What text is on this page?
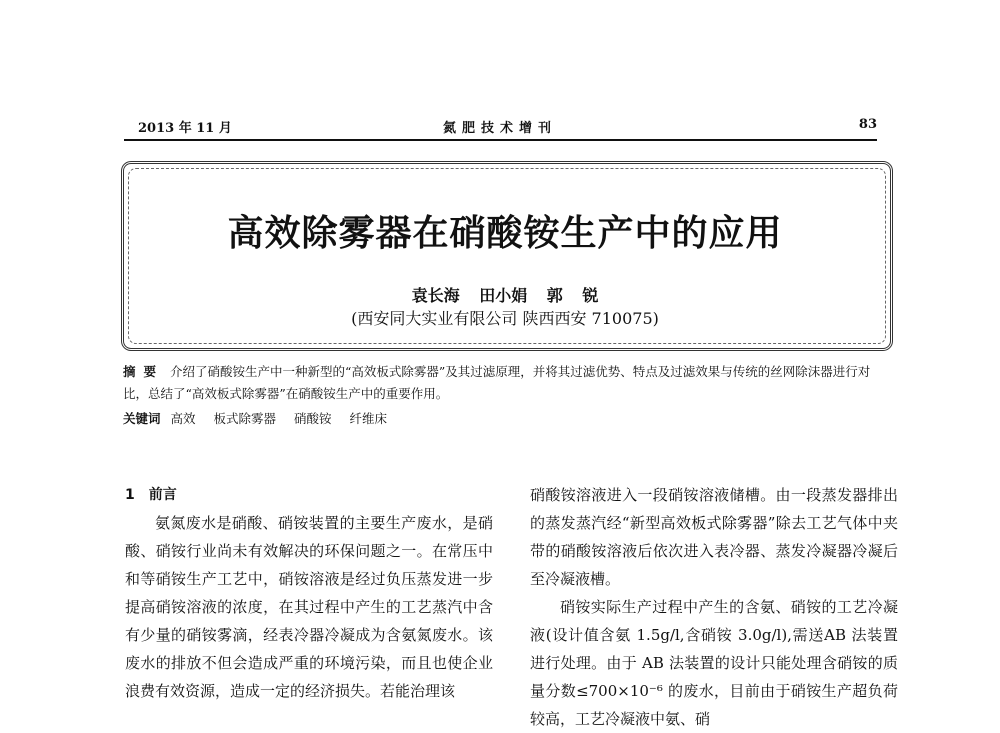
2013 年 11 月	氮肥技术增刊	83
高效除雾器在硝酸铵生产中的应用
袁长海 田小娟 郭 锐
(西安同大实业有限公司 陕西西安 710075)
摘要 介绍了硝酸铵生产中一种新型的“高效板式除雾器”及其过滤原理，并将其过滤优势、特点及过滤效果与传统的丝网除沫器进行对比，总结了“高效板式除雾器”在硝酸铵生产中的重要作用。
关键词 高效 板式除雾器 硝酸铵 纤维床

1 前言

氨氮废水是硝酸、硝铵装置的主要生产废水，是硝酸、硝铵行业尚未有效解决的环保问题之一。在常压中和等硝铵生产工艺中，硝铵溶液是经过负压蒸发进一步提高硝铵溶液的浓度，在其过程中产生的工艺蒸汽中含有少量的硝铵雾滴，经表冷器冷凝成为含氨氮废水。该废水的排放不但会造成严重的环境污染，而且也使企业浪费有效资源，造成一定的经济损失。若能治理该

硝酸铵溶液进入一段硝铵溶液储槽。由一段蒸发器排出的蒸发蒸汽经“新型高效板式除雾器”除去工艺气体中夹带的硝酸铵溶液后依次进入表冷器、蒸发冷凝器冷凝后至冷凝液槽。

硝铵实际生产过程中产生的含氨、硝铵的工艺冷凝液(设计值含氨 1.5g/l,含硝铵 3.0g/l),需送AB 法装置进行处理。由于 AB 法装置的设计只能处理含硝铵的质量分数≤700×10⁻⁶ 的废水，目前由于硝铵生产超负荷较高，工艺冷凝液中氨、硝
